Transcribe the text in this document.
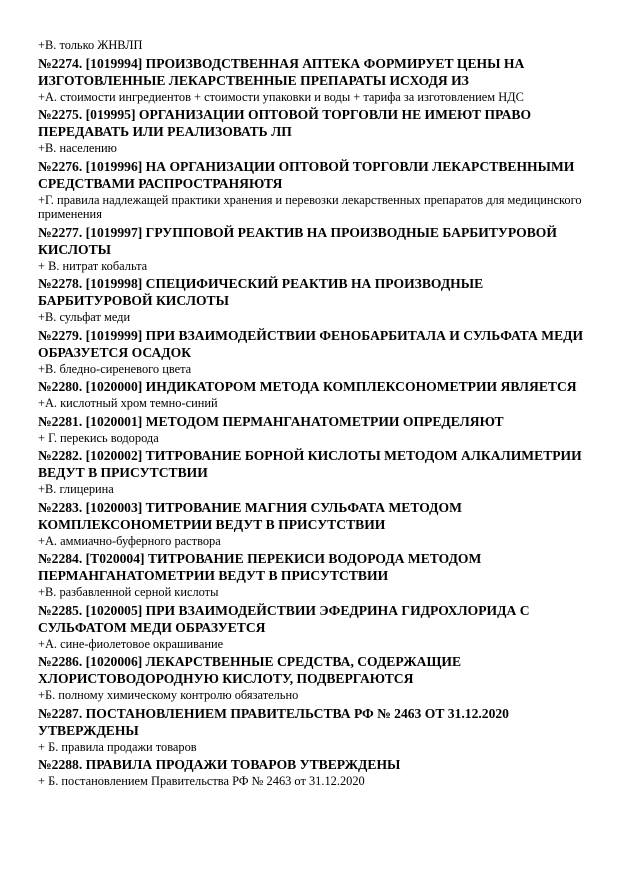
+В. только ЖНВЛП
№2274. [1019994] ПРОИЗВОДСТВЕННАЯ АПТЕКА ФОРМИРУЕТ ЦЕНЫ НА ИЗГОТОВЛЕННЫЕ ЛЕКАРСТВЕННЫЕ ПРЕПАРАТЫ ИСХОДЯ ИЗ
+А. стоимости ингредиентов + стоимости упаковки и воды + тарифа за изготовлением НДС
№2275. [019995] ОРГАНИЗАЦИИ ОПТОВОЙ ТОРГОВЛИ НЕ ИМЕЮТ ПРАВО ПЕРЕДАВАТЬ ИЛИ РЕАЛИЗОВАТЬ ЛП
+В. населению
№2276. [1019996] НА ОРГАНИЗАЦИИ ОПТОВОЙ ТОРГОВЛИ ЛЕКАРСТВЕННЫМИ СРЕДСТВАМИ РАСПРОСТРАНЯЮТЯ
+Г. правила надлежащей практики хранения и перевозки лекарственных препаратов для медицинского применения
№2277. [1019997] ГРУППОВОЙ РЕАКТИВ НА ПРОИЗВОДНЫЕ БАРБИТУРОВОЙ КИСЛОТЫ
+ В. нитрат кобальта
№2278. [1019998] СПЕЦИФИЧЕСКИЙ РЕАКТИВ НА ПРОИЗВОДНЫЕ БАРБИТУРОВОЙ КИСЛОТЫ
+В. сульфат меди
№2279. [1019999] ПРИ ВЗАИМОДЕЙСТВИИ ФЕНОБАРБИТАЛА И СУЛЬФАТА МЕДИ ОБРАЗУЕТСЯ ОСАДОК
+В. бледно-сиреневого цвета
№2280. [1020000] ИНДИКАТОРОМ МЕТОДА КОМПЛЕКСОНОМЕТРИИ ЯВЛЯЕТСЯ
+А. кислотный хром темно-синий
№2281. [1020001] МЕТОДОМ ПЕРМАНГАНАТОМЕТРИИ ОПРЕДЕЛЯЮТ
+ Г. перекись водорода
№2282. [1020002] ТИТРОВАНИЕ БОРНОЙ КИСЛОТЫ МЕТОДОМ АЛКАЛИМЕТРИИ ВЕДУТ В ПРИСУТСТВИИ
+В. глицерина
№2283. [1020003] ТИТРОВАНИЕ МАГНИЯ СУЛЬФАТА МЕТОДОМ КОМПЛЕКСОНОМЕТРИИ ВЕДУТ В ПРИСУТСТВИИ
+А. аммиачно-буферного раствора
№2284. [Т020004] ТИТРОВАНИЕ ПЕРЕКИСИ ВОДОРОДА МЕТОДОМ ПЕРМАНГАНАТОМЕТРИИ ВЕДУТ В ПРИСУТСТВИИ
+В. разбавленной серной кислоты
№2285. [1020005] ПРИ ВЗАИМОДЕЙСТВИИ ЭФЕДРИНА ГИДРОХЛОРИДА С СУЛЬФАТОМ МЕДИ ОБРАЗУЕТСЯ
+А. сине-фиолетовое окрашивание
№2286. [1020006] ЛЕКАРСТВЕННЫЕ СРЕДСТВА, СОДЕРЖАЩИЕ ХЛОРИСТОВОДОРОДНУЮ КИСЛОТУ, ПОДВЕРГАЮТСЯ
+Б. полному химическому контролю обязательно
№2287. ПОСТАНОВЛЕНИЕМ ПРАВИТЕЛЬСТВА РФ № 2463 ОТ 31.12.2020 УТВЕРЖДЕНЫ
+ Б. правила продажи товаров
№2288. ПРАВИЛА ПРОДАЖИ ТОВАРОВ УТВЕРЖДЕНЫ
+ Б. постановлением Правительства РФ № 2463 от 31.12.2020
